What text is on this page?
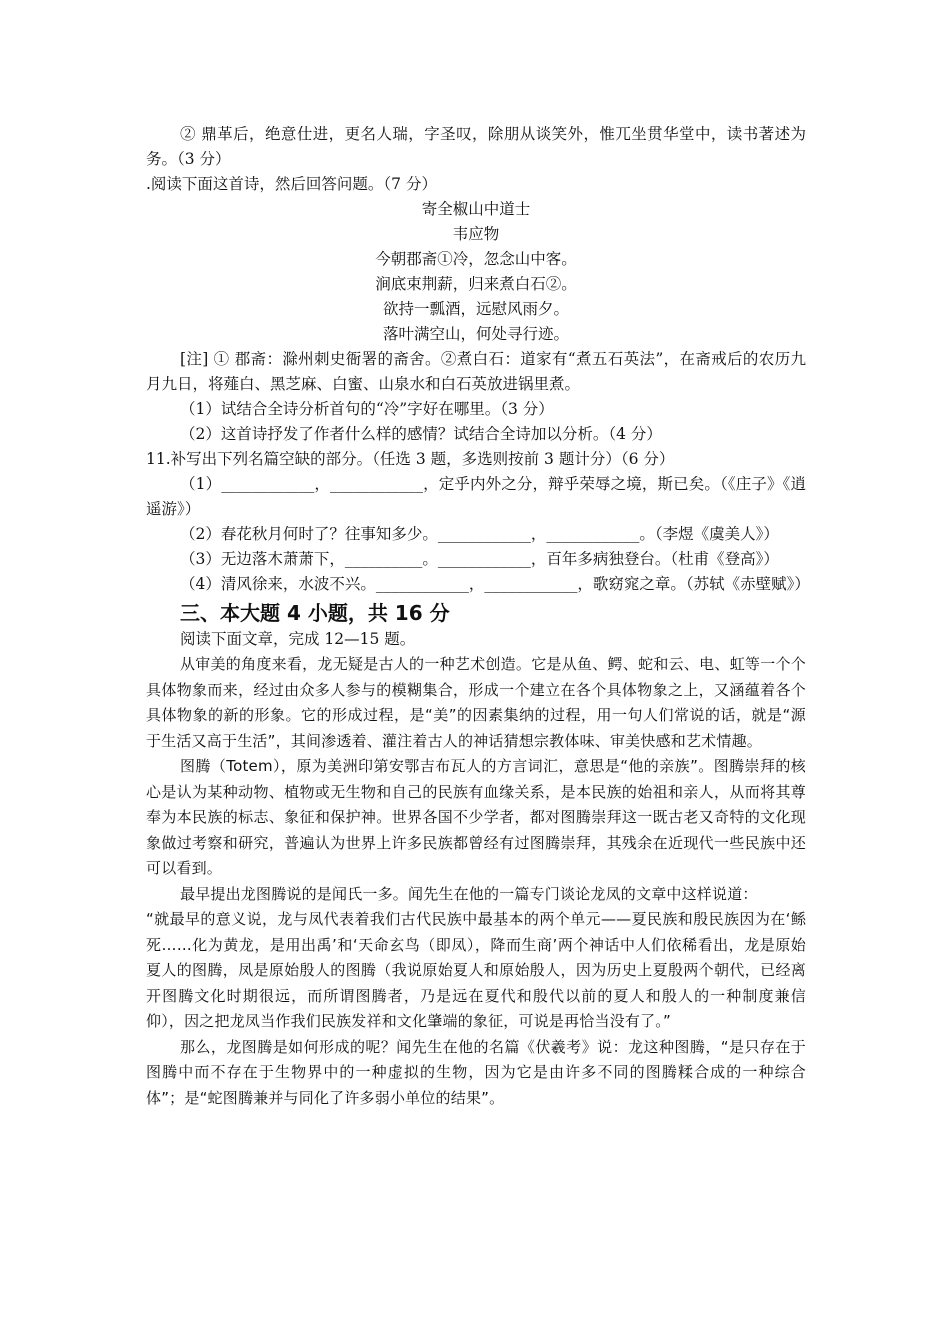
② 鼎革后，绝意仕进，更名人瑞，字圣叹，除朋从谈笑外，惟兀坐贯华堂中，读书著述为务。（3 分）

.阅读下面这首诗，然后回答问题。（7 分）
寄全椒山中道士
韦应物
今朝郡斋①冷，忽念山中客。
涧底束荆薪，归来煮白石②。
欲持一瓢酒，远慰风雨夕。
落叶满空山，何处寻行迹。

[注] ① 郡斋：滁州刺史衙署的斋舍。②煮白石：道家有“煮五石英法”，在斋戒后的农历九月九日，将薤白、黑芝麻、白蜜、山泉水和白石英放进锅里煮。

（1）试结合全诗分析首句的“冷”字好在哪里。（3 分）
（2）这首诗抒发了作者什么样的感情？试结合全诗加以分析。（4 分）
11.补写出下列名篇空缺的部分。（任选 3 题，多选则按前 3 题计分）（6 分）

（1）____________，____________，定乎内外之分，辩乎荣辱之境，斯已矣。（《庄子》《逍遥游》）

（2）春花秋月何时了？往事知多少。____________，____________。（李煜《虞美人》）

（3）无边落木萧萧下，__________。____________，百年多病独登台。（杜甫《登高》）

（4）清风徐来，水波不兴。____________，____________，歌窈窕之章。（苏轼《赤壁赋》）

三、本大题 4 小题，共 16 分
阅读下面文章，完成 12—15 题。

从审美的角度来看，龙无疑是古人的一种艺术创造。它是从鱼、鳄、蛇和云、电、虹等一个个具体物象而来，经过由众多人参与的模糊集合，形成一个建立在各个具体物象之上，又涵蕴着各个具体物象的新的形象。它的形成过程，是“美”的因素集纳的过程，用一句人们常说的话，就是“源于生活又高于生活”，其间渗透着、灌注着古人的神话猜想宗教体味、审美快感和艺术情趣。

图腾（Totem），原为美洲印第安鄂吉布瓦人的方言词汇，意思是“他的亲族”。图腾崇拜的核心是认为某种动物、植物或无生物和自己的民族有血缘关系，是本民族的始祖和亲人，从而将其尊奉为本民族的标志、象征和保护神。世界各国不少学者，都对图腾崇拜这一既古老又奇特的文化现象做过考察和研究，普遍认为世界上许多民族都曾经有过图腾崇拜，其残余在近现代一些民族中还可以看到。

最早提出龙图腾说的是闻氏一多。闻先生在他的一篇专门谈论龙凤的文章中这样说道：

“就最早的意义说，龙与凤代表着我们古代民族中最基本的两个单元——夏民族和殷民族因为在‘鲧死……化为黄龙，是用出禹’和‘天命玄鸟（即凤），降而生商’两个神话中人们依稀看出，龙是原始夏人的图腾，凤是原始殷人的图腾（我说原始夏人和原始殷人，因为历史上夏殷两个朝代，已经离开图腾文化时期很远，而所谓图腾者，乃是远在夏代和殷代以前的夏人和殷人的一种制度兼信仰），因之把龙凤当作我们民族发祥和文化肇端的象征，可说是再恰当没有了。”

那么，龙图腾是如何形成的呢？闻先生在他的名篇《伏羲考》说：龙这种图腾，“是只存在于图腾中而不存在于生物界中的一种虚拟的生物，因为它是由许多不同的图腾糅合成的一种综合体”；是“蛇图腾兼并与同化了许多弱小单位的结果”。
